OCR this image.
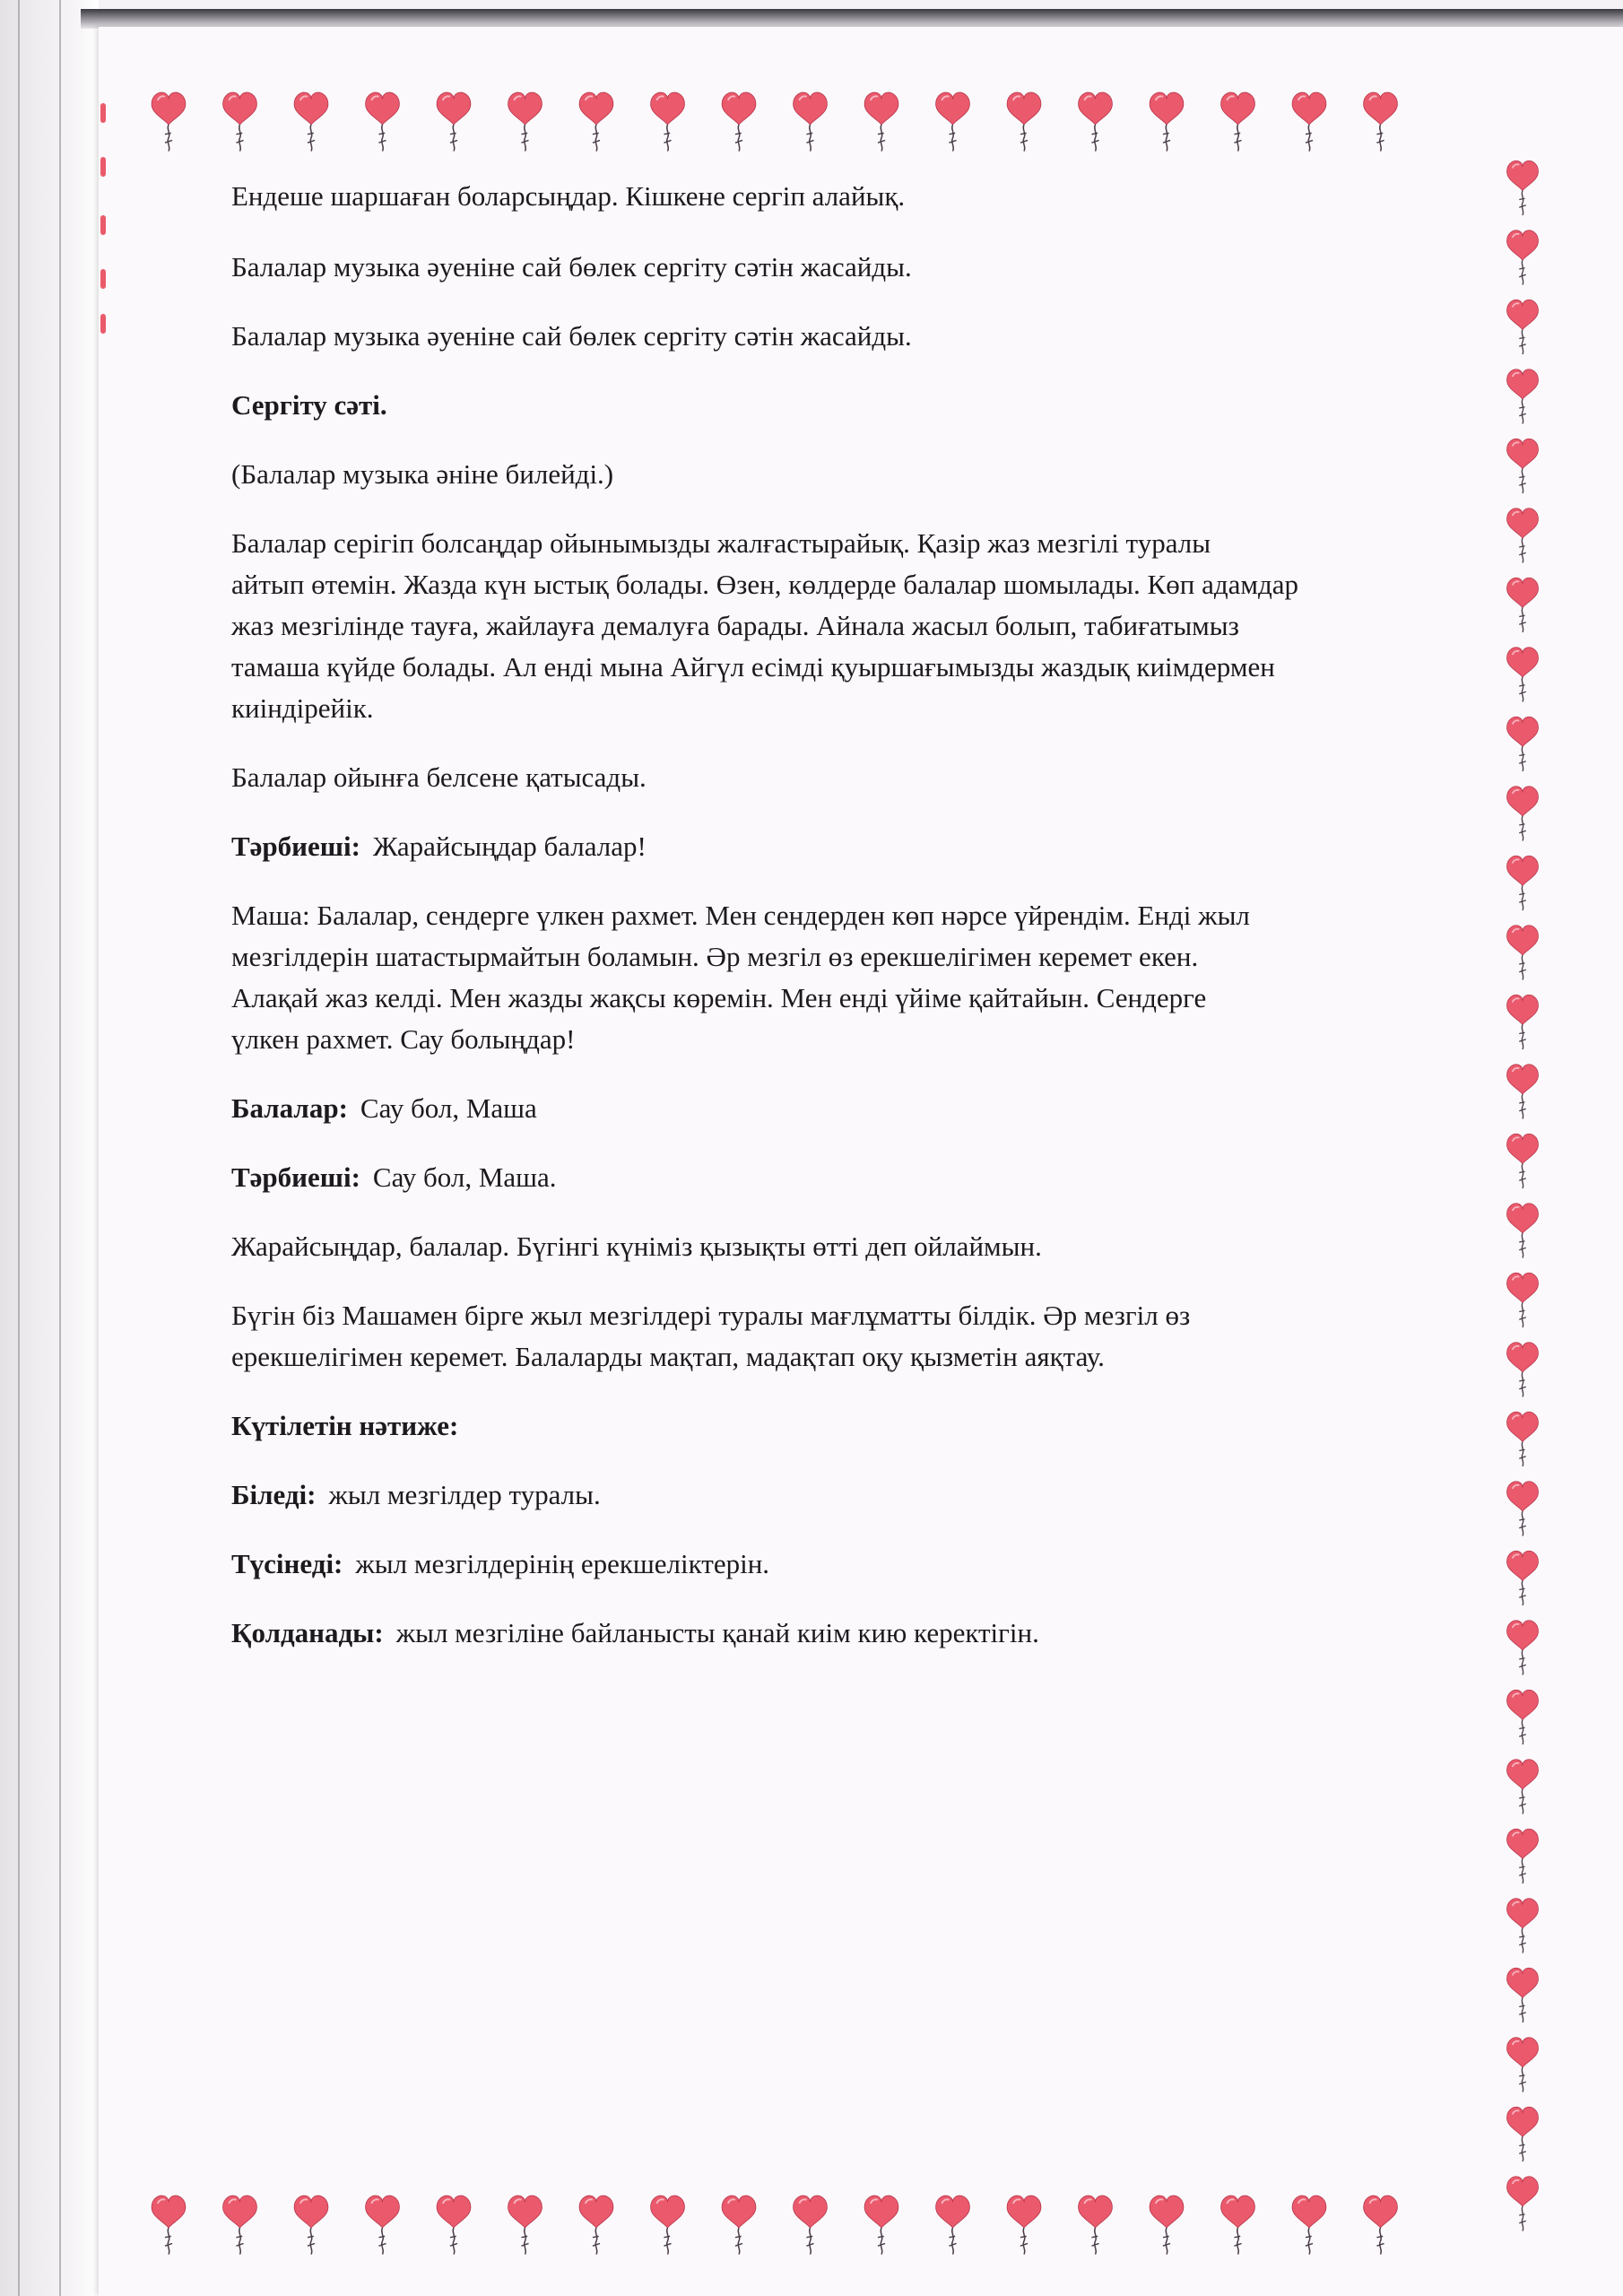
Ендеше шаршаған боларсыңдар. Кішкене сергіп алайық.

Балалар музыка әуеніне сай бөлек сергіту сәтін жасайды.

Балалар музыка әуеніне сай бөлек сергіту сәтін жасайды.

Сергіту сәті.

(Балалар музыка әніне билейді.)

Балалар серігіп болсаңдар ойынымызды жалғастырайық. Қазір жаз мезгілі туралы
айтып өтемін. Жазда күн ыстық болады. Өзен, көлдерде балалар шомылады. Көп адамдар
жаз мезгілінде тауға, жайлауға демалуға барады. Айнала жасыл болып, табиғатымыз
тамаша күйде болады. Ал енді мына Айгүл есімді қуыршағымызды жаздық киімдермен
киіндірейік.

Балалар ойынға белсене қатысады.

Тәрбиеші: Жарайсыңдар балалар!

Маша: Балалар, сендерге үлкен рахмет. Мен сендерден көп нәрсе үйрендім. Енді жыл
мезгілдерін шатастырмайтын боламын. Әр мезгіл өз ерекшелігімен керемет екен.
Алақай жаз келді. Мен жазды жақсы көремін. Мен енді үйіме қайтайын. Сендерге
үлкен рахмет. Сау болыңдар!

Балалар: Сау бол, Маша

Тәрбиеші: Сау бол, Маша.

Жарайсыңдар, балалар. Бүгінгі күніміз қызықты өтті деп ойлаймын.

Бүгін біз Машамен бірге жыл мезгілдері туралы мағлұматты білдік. Әр мезгіл өз
ерекшелігімен керемет. Балаларды мақтап, мадақтап оқу қызметін аяқтау.

Күтілетін нәтиже:

Біледі: жыл мезгілдер туралы.

Түсінеді: жыл мезгілдерінің ерекшеліктерін.

Қолданады: жыл мезгіліне байланысты қанай киім кию керектігін.
